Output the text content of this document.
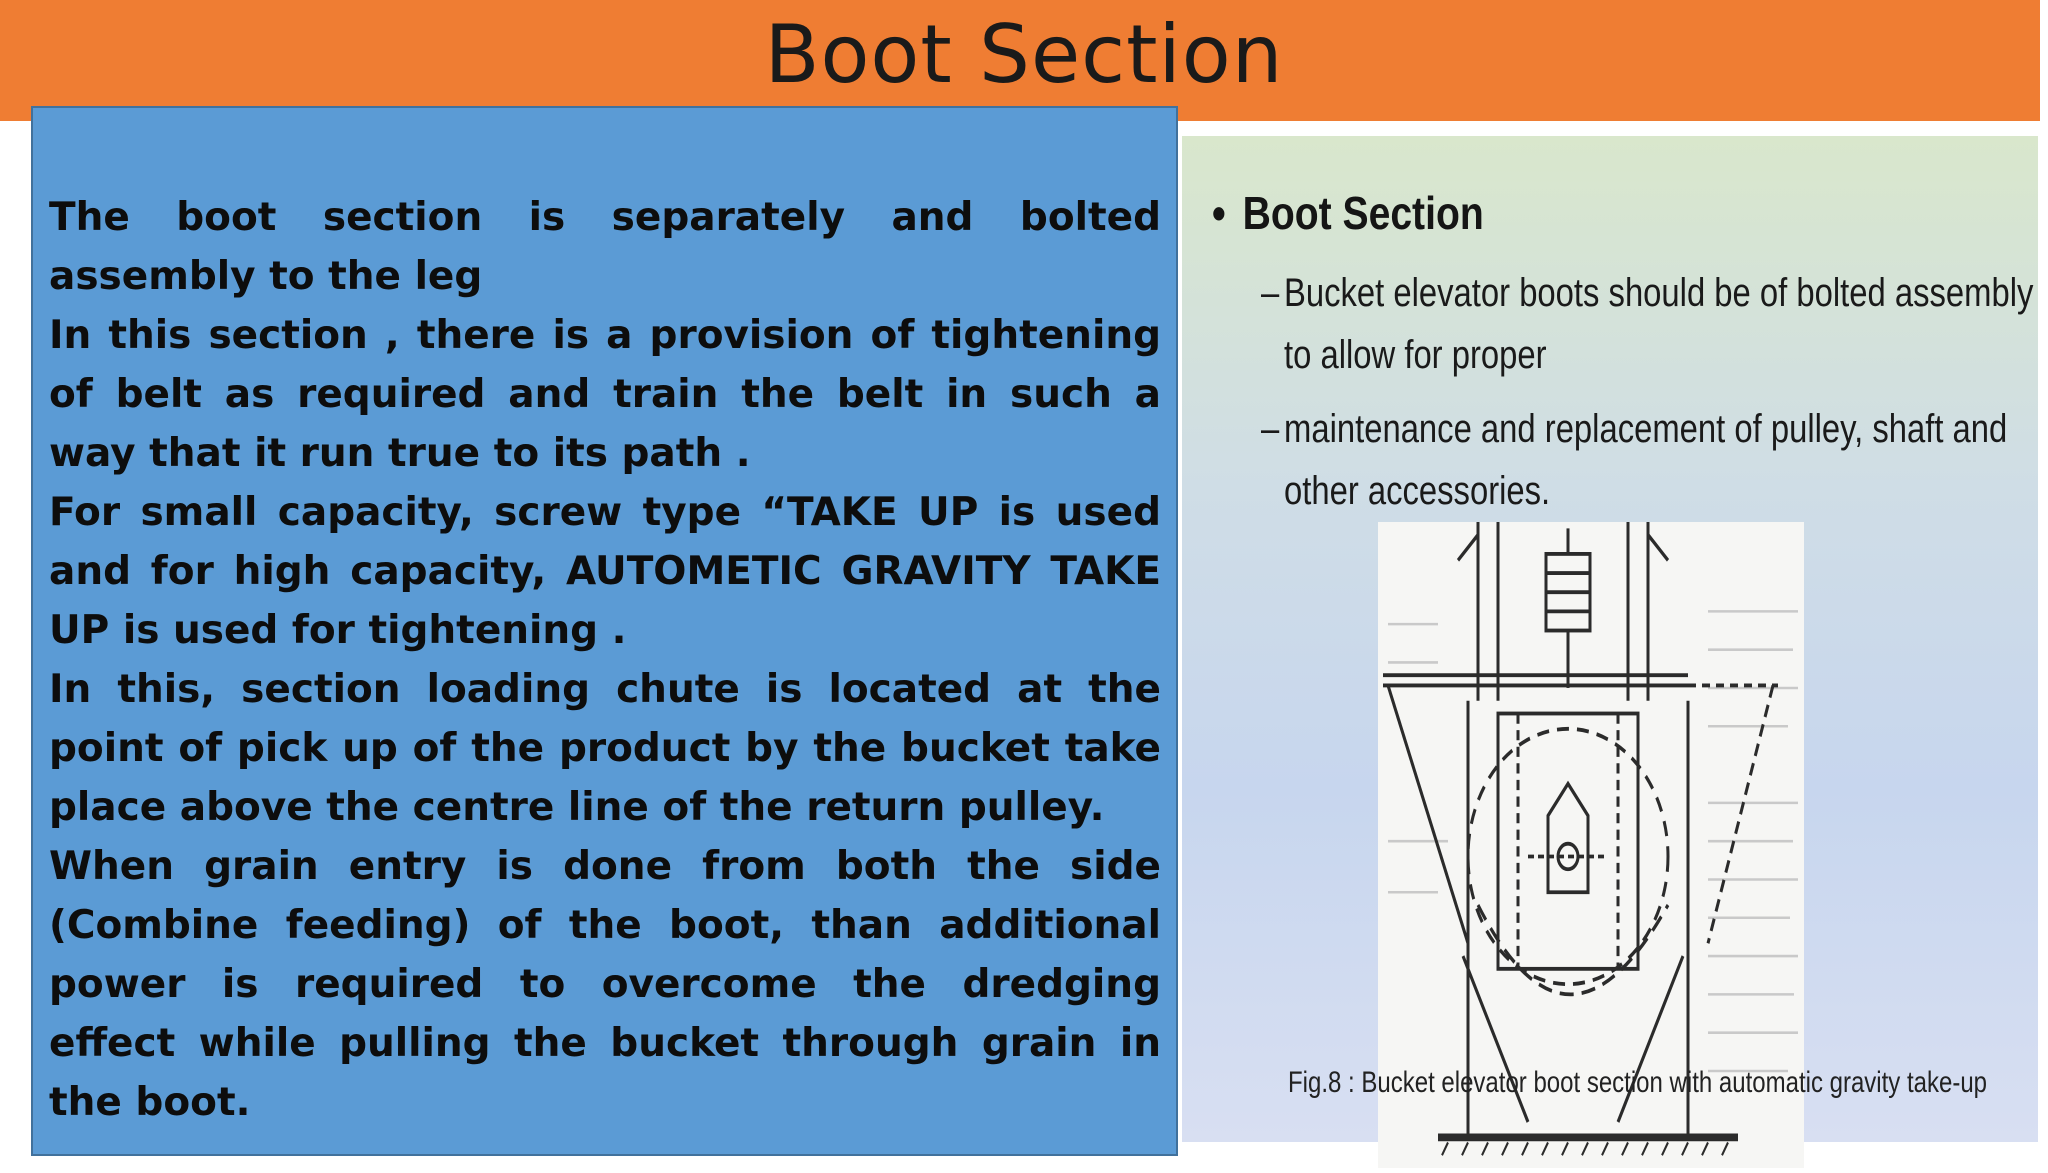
Boot Section

The boot section is separately and bolted assembly to the leg

In this section , there is a provision of tightening of belt as required and train the belt in such a way that it run true to its path .

For small capacity, screw type “TAKE UP is used and for high capacity, AUTOMETIC GRAVITY TAKE UP is used for tightening .

In this, section loading chute is located at the point of pick up of the product by the bucket take place above the centre line of the return pulley.

When grain entry is done from both the side (Combine feeding) of the boot, than additional power is required to overcome the dredging effect while pulling the bucket through grain in the boot.

• Boot Section
– Bucket elevator boots should be of bolted assembly
to allow for proper
– maintenance and replacement of pulley, shaft and
other accessories.
Fig.8 : Bucket elevator boot section with automatic gravity take-up
